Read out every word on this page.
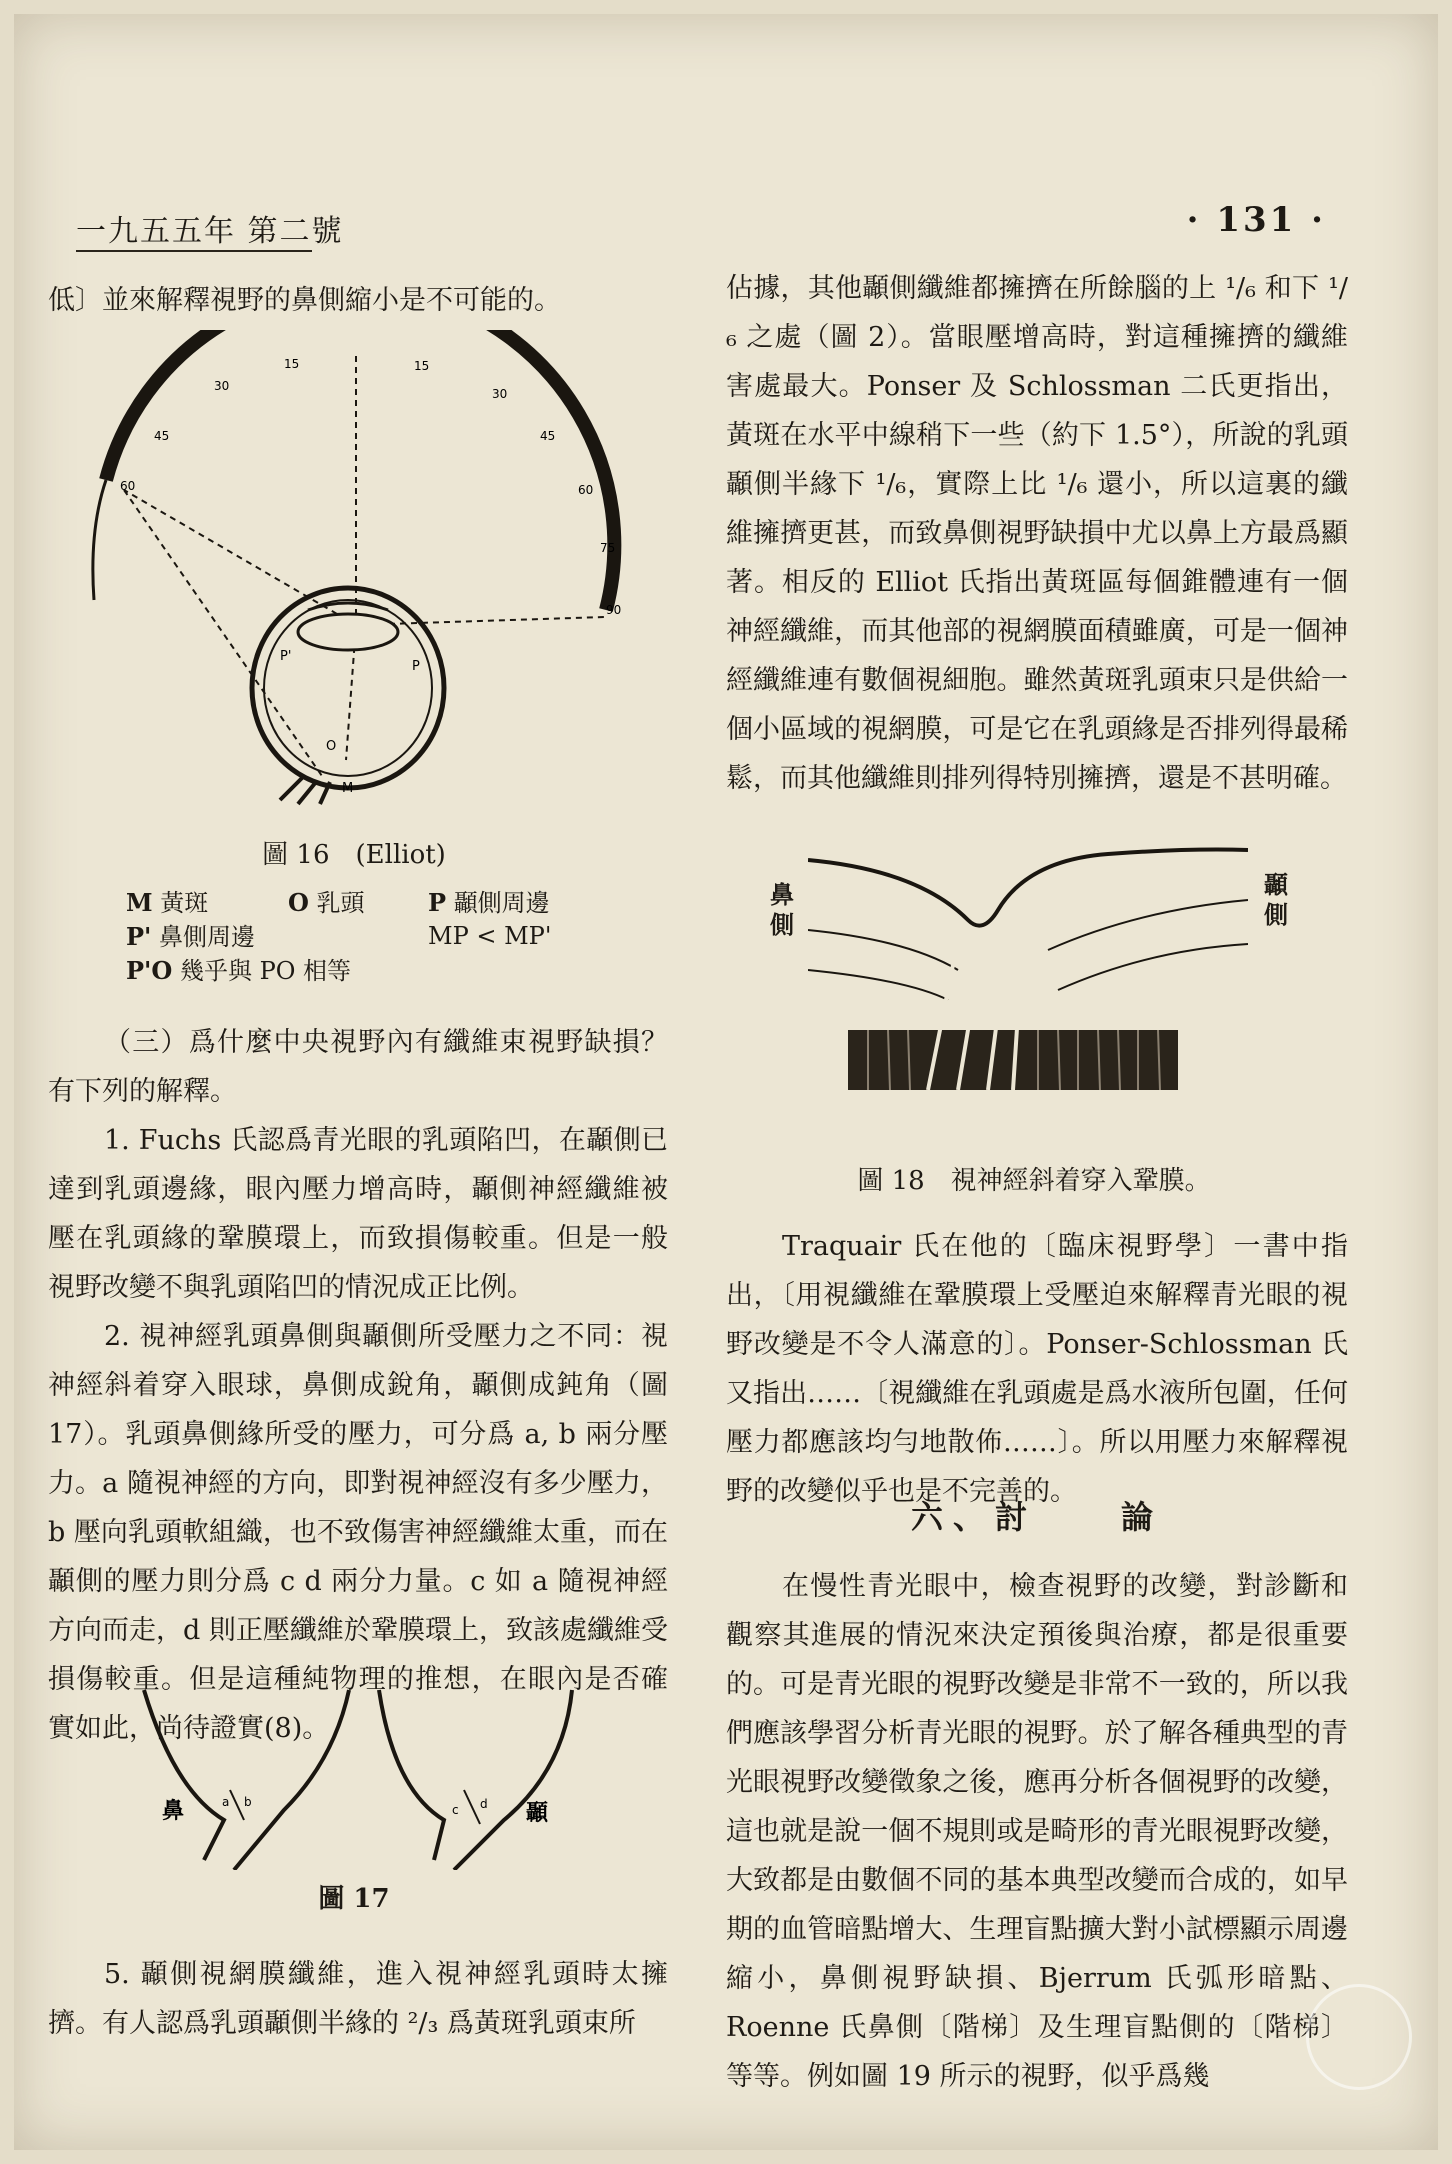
一九五五年 第二號	· 131 ·

低〕並來解釋視野的鼻側縮小是不可能的。

30
15
45
60
15
30
45
60
75
90
P'
P
O
M
圖 16　(Elliot)
M 黃斑	O 乳頭	P 顳側周邊
P' 鼻側周邊	MP < MP'
P'O 幾乎與 PO 相等

（三）爲什麼中央視野內有纖維束視野缺損？有下列的解釋。

1. Fuchs 氏認爲青光眼的乳頭陷凹，在顳側已達到乳頭邊緣，眼內壓力增高時，顳側神經纖維被壓在乳頭緣的鞏膜環上，而致損傷較重。但是一般視野改變不與乳頭陷凹的情況成正比例。

2. 視神經乳頭鼻側與顳側所受壓力之不同：視神經斜着穿入眼球，鼻側成銳角，顳側成鈍角（圖 17）。乳頭鼻側緣所受的壓力，可分爲 a, b 兩分壓力。a 隨視神經的方向，即對視神經沒有多少壓力，b 壓向乳頭軟組織，也不致傷害神經纖維太重，而在顳側的壓力則分爲 c d 兩分力量。c 如 a 隨視神經方向而走，d 則正壓纖維於鞏膜環上，致該處纖維受損傷較重。但是這種純物理的推想，在眼內是否確實如此，尚待證實(8)。

鼻	顳
a b
c d
圖 17

5. 顳側視網膜纖維，進入視神經乳頭時太擁擠。有人認爲乳頭顳側半緣的 ²/₃ 爲黃斑乳頭束所

佔據，其他顳側纖維都擁擠在所餘腦的上 ¹/₆ 和下 ¹/₆ 之處（圖 2）。當眼壓增高時，對這種擁擠的纖維害處最大。Ponser 及 Schlossman 二氏更指出，黃斑在水平中線稍下一些（約下 1.5°），所說的乳頭顳側半緣下 ¹/₆，實際上比 ¹/₆ 還小，所以這裏的纖維擁擠更甚，而致鼻側視野缺損中尤以鼻上方最爲顯著。相反的 Elliot 氏指出黃斑區每個錐體連有一個神經纖維，而其他部的視網膜面積雖廣，可是一個神經纖維連有數個視細胞。雖然黃斑乳頭束只是供給一個小區域的視網膜，可是它在乳頭緣是否排列得最稀鬆，而其他纖維則排列得特別擁擠，還是不甚明確。

鼻側
顳側
圖 18　視神經斜着穿入鞏膜。

Traquair 氏在他的〔臨床視野學〕一書中指出，〔用視纖維在鞏膜環上受壓迫來解釋青光眼的視野改變是不令人滿意的〕。Ponser-Schlossman 氏又指出……〔視纖維在乳頭處是爲水液所包圍，任何壓力都應該均勻地散佈……〕。所以用壓力來解釋視野的改變似乎也是不完善的。

六、討　　論

在慢性青光眼中，檢查視野的改變，對診斷和觀察其進展的情況來決定預後與治療，都是很重要的。可是青光眼的視野改變是非常不一致的，所以我們應該學習分析青光眼的視野。於了解各種典型的青光眼視野改變徵象之後，應再分析各個視野的改變，這也就是說一個不規則或是畸形的青光眼視野改變，大致都是由數個不同的基本典型改變而合成的，如早期的血管暗點增大、生理盲點擴大對小試標顯示周邊縮小，鼻側視野缺損、Bjerrum 氏弧形暗點、Roenne 氏鼻側〔階梯〕及生理盲點側的〔階梯〕等等。例如圖 19 所示的視野，似乎爲幾
